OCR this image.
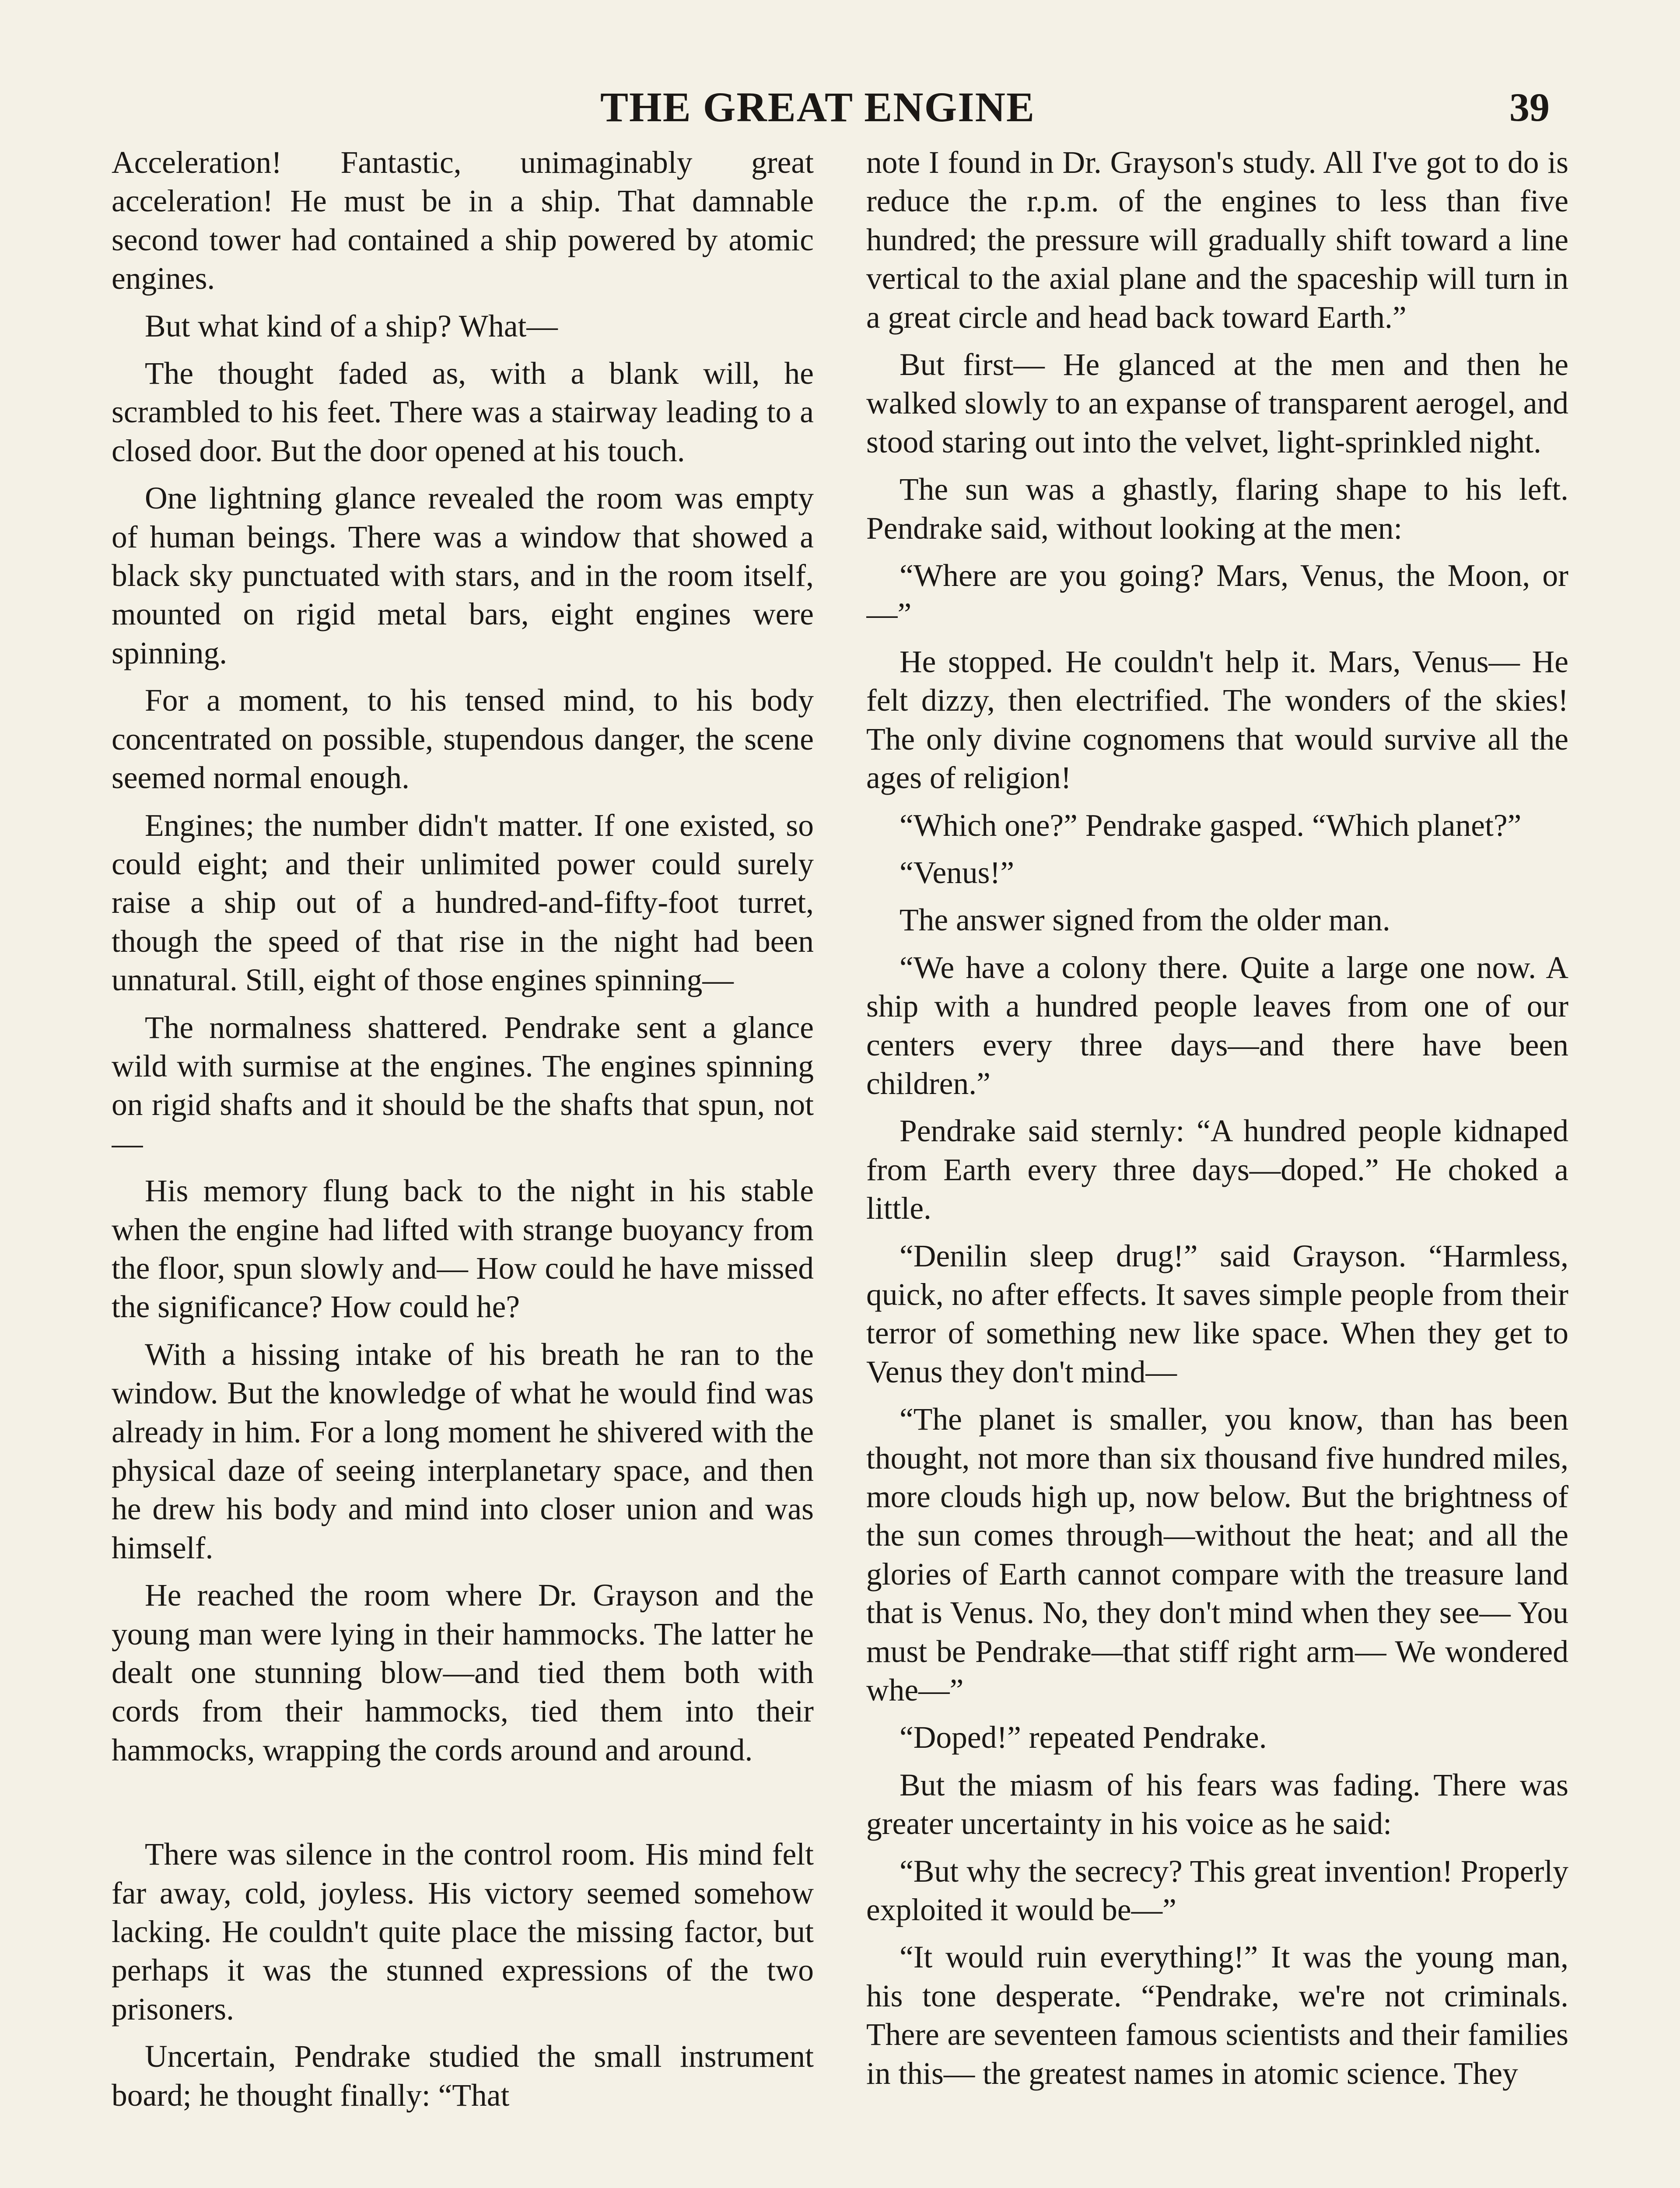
THE GREAT ENGINE	39

Acceleration! Fantastic, unimaginably great acceleration! He must be in a ship. That damnable second tower had contained a ship powered by atomic engines.

But what kind of a ship? What—

The thought faded as, with a blank will, he scrambled to his feet. There was a stairway leading to a closed door. But the door opened at his touch.

One lightning glance revealed the room was empty of human beings. There was a window that showed a black sky punctuated with stars, and in the room itself, mounted on rigid metal bars, eight engines were spinning.

For a moment, to his tensed mind, to his body concentrated on possible, stupendous danger, the scene seemed normal enough.

Engines; the number didn't matter. If one existed, so could eight; and their unlimited power could surely raise a ship out of a hundred-and-fifty-foot turret, though the speed of that rise in the night had been unnatural. Still, eight of those engines spinning—

The normalness shattered. Pendrake sent a glance wild with surmise at the engines. The engines spinning on rigid shafts and it should be the shafts that spun, not—

His memory flung back to the night in his stable when the engine had lifted with strange buoyancy from the floor, spun slowly and— How could he have missed the significance? How could he?

With a hissing intake of his breath he ran to the window. But the knowledge of what he would find was already in him. For a long moment he shivered with the physical daze of seeing interplanetary space, and then he drew his body and mind into closer union and was himself.

He reached the room where Dr. Grayson and the young man were lying in their hammocks. The latter he dealt one stunning blow—and tied them both with cords from their hammocks, tied them into their hammocks, wrapping the cords around and around.

There was silence in the control room. His mind felt far away, cold, joyless. His victory seemed somehow lacking. He couldn't quite place the missing factor, but perhaps it was the stunned expressions of the two prisoners.

Uncertain, Pendrake studied the small instrument board; he thought finally: “That

note I found in Dr. Grayson's study. All I've got to do is reduce the r.p.m. of the engines to less than five hundred; the pressure will gradually shift toward a line vertical to the axial plane and the spaceship will turn in a great circle and head back toward Earth.”

But first— He glanced at the men and then he walked slowly to an expanse of transparent aerogel, and stood staring out into the velvet, light-sprinkled night.

The sun was a ghastly, flaring shape to his left. Pendrake said, without looking at the men:

“Where are you going? Mars, Venus, the Moon, or—”

He stopped. He couldn't help it. Mars, Venus— He felt dizzy, then electrified. The wonders of the skies! The only divine cognomens that would survive all the ages of religion!

“Which one?” Pendrake gasped. “Which planet?”

“Venus!”

The answer signed from the older man.

“We have a colony there. Quite a large one now. A ship with a hundred people leaves from one of our centers every three days—and there have been children.”

Pendrake said sternly: “A hundred people kidnaped from Earth every three days—doped.” He choked a little.

“Denilin sleep drug!” said Grayson. “Harmless, quick, no after effects. It saves simple people from their terror of something new like space. When they get to Venus they don't mind—

“The planet is smaller, you know, than has been thought, not more than six thousand five hundred miles, more clouds high up, now below. But the brightness of the sun comes through—without the heat; and all the glories of Earth cannot compare with the treasure land that is Venus. No, they don't mind when they see— You must be Pendrake—that stiff right arm— We wondered whe—”

“Doped!” repeated Pendrake.

But the miasm of his fears was fading. There was greater uncertainty in his voice as he said:

“But why the secrecy? This great invention! Properly exploited it would be—”

“It would ruin everything!” It was the young man, his tone desperate. “Pendrake, we're not criminals. There are seventeen famous scientists and their families in this— the greatest names in atomic science. They
